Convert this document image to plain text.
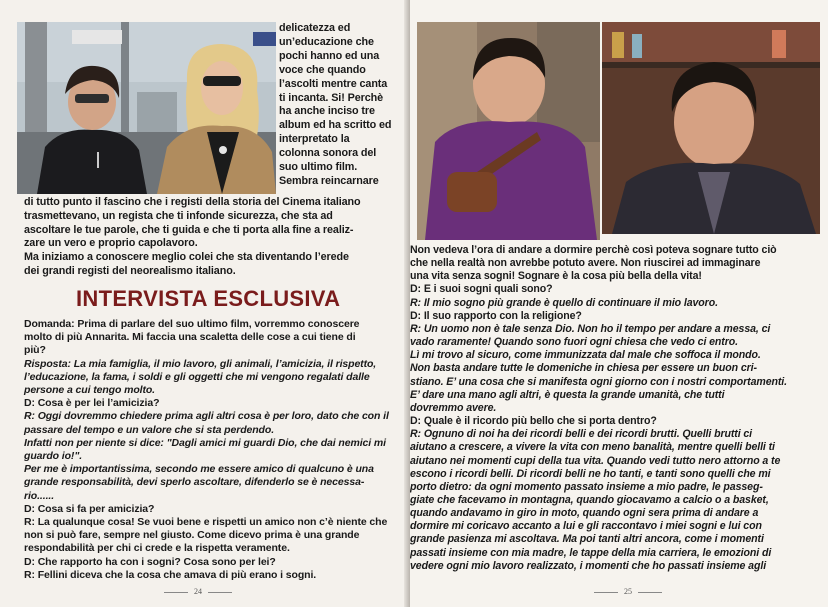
delicatezza ed
un’educazione che
pochi hanno ed una
voce che quando
l’ascolti mentre canta
ti incanta. Si! Perchè
ha anche inciso tre
album ed ha scritto ed
interpretato la
colonna sonora del
suo ultimo film.
Sembra reincarnare
di tutto punto il fascino che i registi della storia del Cinema italiano
trasmettevano, un regista che ti infonde sicurezza, che sta ad
ascoltare le tue parole, che ti guida e che ti porta alla fine a realiz-
zare un vero e proprio capolavoro.
Ma iniziamo a conoscere meglio colei che sta diventando l’erede
dei grandi registi del neorealismo italiano.
INTERVISTA ESCLUSIVA
Domanda: Prima di parlare del suo ultimo film, vorremmo conoscere
molto di più Annarita. Mi faccia una scaletta delle cose a cui tiene di
più?
Risposta: La mia famiglia, il mio lavoro, gli animali, l’amicizia, il rispetto,
l’educazione, la fama, i soldi e gli oggetti che mi vengono regalati dalle
persone a cui tengo molto.
D: Cosa è per lei l’amicizia?
R: Oggi dovremmo chiedere prima agli altri cosa è per loro, dato che con il
passare del tempo e un valore che si sta perdendo.
Infatti non per niente si dice: "Dagli amici mi guardi Dio, che dai nemici mi
guardo io!".
Per me è importantissima, secondo me essere amico di qualcuno è una
grande responsabilità, devi sperlo ascoltare, difenderlo se è necessa-
rio......
D: Cosa si fa per amicizia?
R: La qualunque cosa! Se vuoi bene e rispetti un amico non c’è niente che
non si può fare, sempre nel giusto. Come dicevo prima è una grande
respondabilità per chi ci crede e la rispetta veramente.
D: Che rapporto ha con i sogni? Cosa sono per lei?
R: Fellini diceva che la cosa che amava di più erano i sogni.
24
Non vedeva l’ora di andare a dormire perchè così poteva sognare tutto ciò
che nella realtà non avrebbe potuto avere. Non riuscirei ad immaginare
una vita senza sogni! Sognare è la cosa più bella della vita!
D: E i suoi sogni quali sono?
R: Il mio sogno più grande è quello di continuare il mio lavoro.
D: Il suo rapporto con la religione?
R: Un uomo non è tale senza Dio. Non ho il tempo per andare a messa, ci
vado raramente! Quando sono fuori ogni chiesa che vedo ci entro.
Lì mi trovo al sicuro, come immunizzata dal male che soffoca il mondo.
Non basta andare tutte le domeniche in chiesa per essere un buon cri-
stiano. E’ una cosa che si manifesta ogni giorno con i nostri comportamenti.
E’ dare una mano agli altri, è questa la grande umanità, che tutti
dovremmo avere.
D: Quale è il ricordo più bello che si porta dentro?
R: Ognuno di noi ha dei ricordi belli e dei ricordi brutti. Quelli brutti ci
aiutano a crescere, a vivere la vita con meno banalità, mentre quelli belli ti
aiutano nei momenti cupi della tua vita. Quando vedi tutto nero attorno a te
escono i ricordi belli. Di ricordi belli ne ho tanti, e tanti sono quelli che mi
porto dietro: da ogni momento passato insieme a mio padre, le passeg-
giate che facevamo in montagna, quando giocavamo a calcio o a basket,
quando andavamo in giro in moto, quando ogni sera prima di andare a
dormire mi coricavo accanto a lui e gli raccontavo i miei sogni e lui con
grande pasienza mi ascoltava. Ma poi tanti altri ancora, come i momenti
passati insieme con mia madre, le tappe della mia carriera, le emozioni di
vedere ogni mio lavoro realizzato, i momenti che ho passati insieme agli
25
